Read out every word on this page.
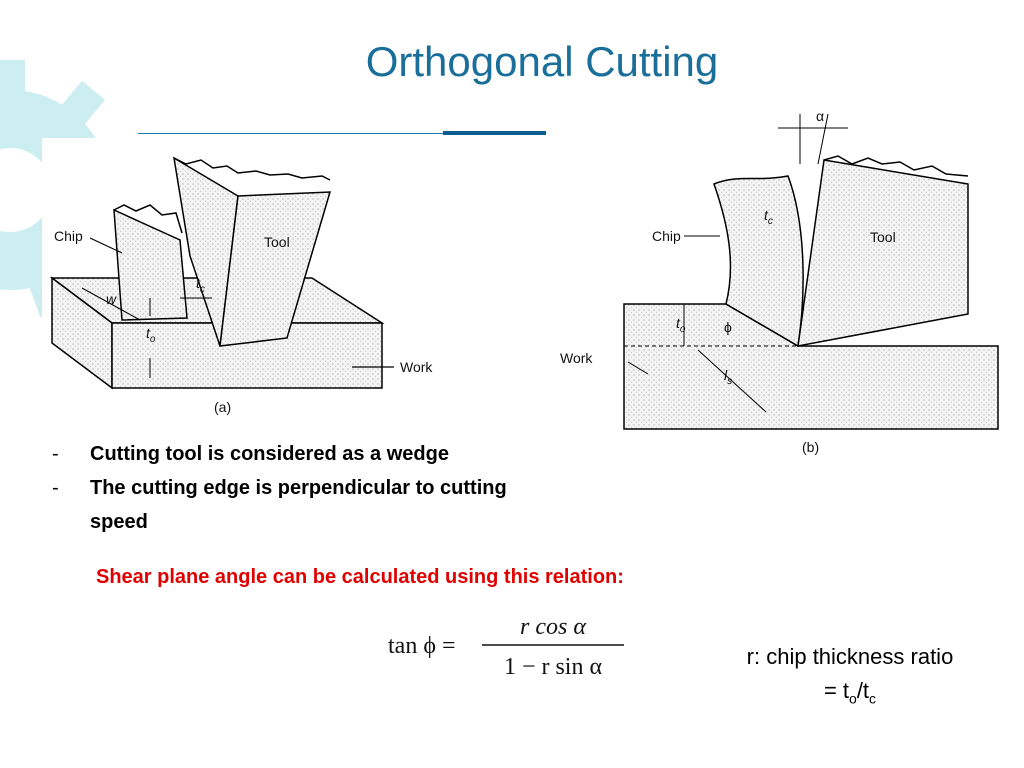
Orthogonal Cutting
Chip	Tool
Work
w
$t_c$
$t_o$
(a)
α
Chip	Tool
Work
$t_c$
$t_o$	ϕ
$l_s$
(b)
- Cutting tool is considered as a wedge
- The cutting edge is perpendicular to cutting speed
Shear plane angle can be calculated using this relation:
tan ϕ =
r cos α
1 − r sin α	r: chip thickness ratio
= $t_o/t_c$
